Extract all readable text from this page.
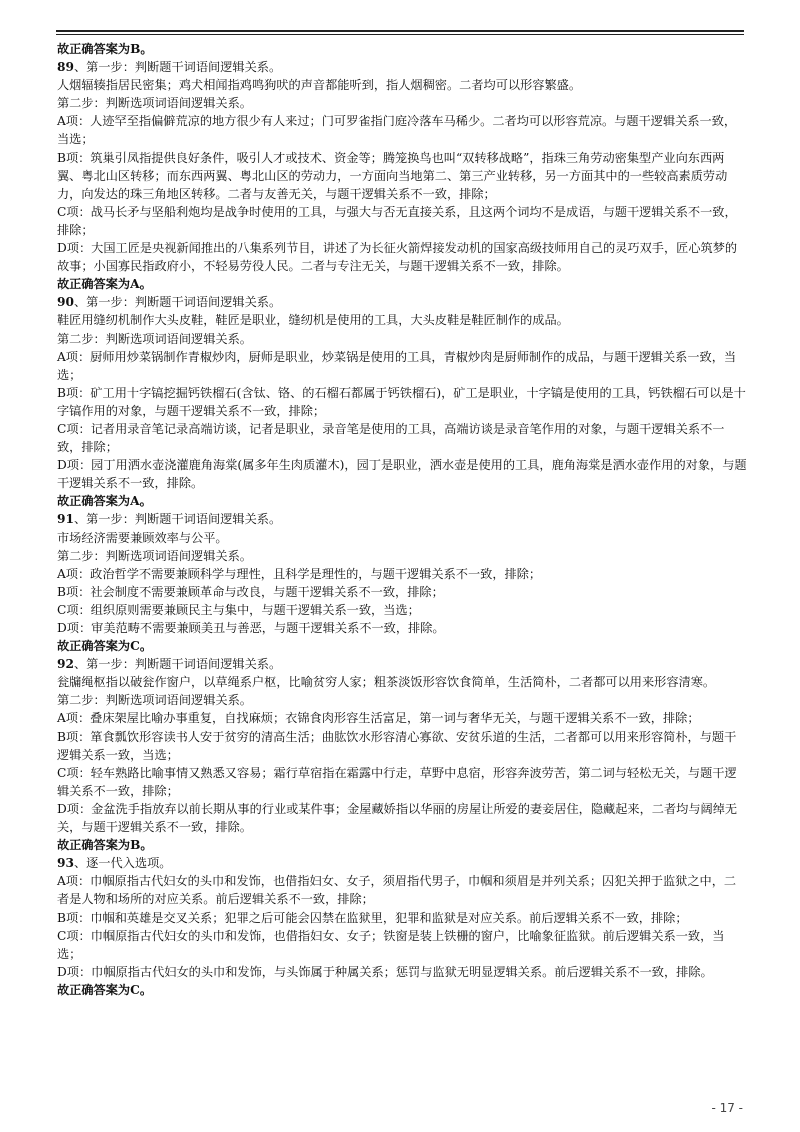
故正确答案为B。
89、第一步：判断题干词语间逻辑关系。
人烟辐辏指居民密集；鸡犬相闻指鸡鸣狗吠的声音都能听到，指人烟稠密。二者均可以形容繁盛。
第二步：判断选项词语间逻辑关系。
A项：人迹罕至指偏僻荒凉的地方很少有人来过；门可罗雀指门庭冷落车马稀少。二者均可以形容荒凉。与题干逻辑关系一致，当选；
B项：筑巢引凤指提供良好条件，吸引人才或技术、资金等；腾笼换鸟也叫“双转移战略”，指珠三角劳动密集型产业向东西两翼、粤北山区转移；而东西两翼、粤北山区的劳动力，一方面向当地第二、第三产业转移，另一方面其中的一些较高素质劳动力，向发达的珠三角地区转移。二者与友善无关，与题干逻辑关系不一致，排除；
C项：战马长矛与坚船利炮均是战争时使用的工具，与强大与否无直接关系，且这两个词均不是成语，与题干逻辑关系不一致，排除；
D项：大国工匠是央视新闻推出的八集系列节目，讲述了为长征火箭焊接发动机的国家高级技师用自己的灵巧双手，匠心筑梦的故事；小国寡民指政府小，不轻易劳役人民。二者与专注无关，与题干逻辑关系不一致，排除。
故正确答案为A。
90、第一步：判断题干词语间逻辑关系。
鞋匠用缝纫机制作大头皮鞋，鞋匠是职业，缝纫机是使用的工具，大头皮鞋是鞋匠制作的成品。
第二步：判断选项词语间逻辑关系。
A项：厨师用炒菜锅制作青椒炒肉，厨师是职业，炒菜锅是使用的工具，青椒炒肉是厨师制作的成品，与题干逻辑关系一致，当选；
B项：矿工用十字镐挖掘钙铁榴石(含钛、铬、的石榴石都属于钙铁榴石)，矿工是职业，十字镐是使用的工具，钙铁榴石可以是十字镐作用的对象，与题干逻辑关系不一致，排除；
C项：记者用录音笔记录高端访谈，记者是职业，录音笔是使用的工具，高端访谈是录音笔作用的对象，与题干逻辑关系不一致，排除；
D项：园丁用洒水壶浇灌鹿角海棠(属多年生肉质灌木)，园丁是职业，洒水壶是使用的工具，鹿角海棠是洒水壶作用的对象，与题干逻辑关系不一致，排除。
故正确答案为A。
91、第一步：判断题干词语间逻辑关系。
市场经济需要兼顾效率与公平。
第二步：判断选项词语间逻辑关系。
A项：政治哲学不需要兼顾科学与理性，且科学是理性的，与题干逻辑关系不一致，排除；
B项：社会制度不需要兼顾革命与改良，与题干逻辑关系不一致，排除；
C项：组织原则需要兼顾民主与集中，与题干逻辑关系一致，当选；
D项：审美范畴不需要兼顾美丑与善恶，与题干逻辑关系不一致，排除。
故正确答案为C。
92、第一步：判断题干词语间逻辑关系。
瓮牖绳枢指以破瓮作窗户，以草绳系户枢，比喻贫穷人家；粗茶淡饭形容饮食简单，生活简朴，二者都可以用来形容清寒。
第二步：判断选项词语间逻辑关系。
A项：叠床架屋比喻办事重复，自找麻烦；衣锦食肉形容生活富足，第一词与奢华无关，与题干逻辑关系不一致，排除；
B项：箪食瓢饮形容读书人安于贫穷的清高生活；曲肱饮水形容清心寡欲、安贫乐道的生活，二者都可以用来形容简朴，与题干逻辑关系一致，当选；
C项：轻车熟路比喻事情又熟悉又容易；霜行草宿指在霜露中行走，草野中息宿，形容奔波劳苦，第二词与轻松无关，与题干逻辑关系不一致，排除；
D项：金盆洗手指放弃以前长期从事的行业或某件事；金屋藏娇指以华丽的房屋让所爱的妻妾居住，隐藏起来，二者均与阔绰无关，与题干逻辑关系不一致，排除。
故正确答案为B。
93、逐一代入选项。
A项：巾帼原指古代妇女的头巾和发饰，也借指妇女、女子，须眉指代男子，巾帼和须眉是并列关系；囚犯关押于监狱之中，二者是人物和场所的对应关系。前后逻辑关系不一致，排除；
B项：巾帼和英雄是交叉关系；犯罪之后可能会囚禁在监狱里，犯罪和监狱是对应关系。前后逻辑关系不一致，排除；
C项：巾帼原指古代妇女的头巾和发饰，也借指妇女、女子；铁窗是装上铁栅的窗户，比喻象征监狱。前后逻辑关系一致，当选；
D项：巾帼原指古代妇女的头巾和发饰，与头饰属于种属关系；惩罚与监狱无明显逻辑关系。前后逻辑关系不一致，排除。
故正确答案为C。
- 17 -
